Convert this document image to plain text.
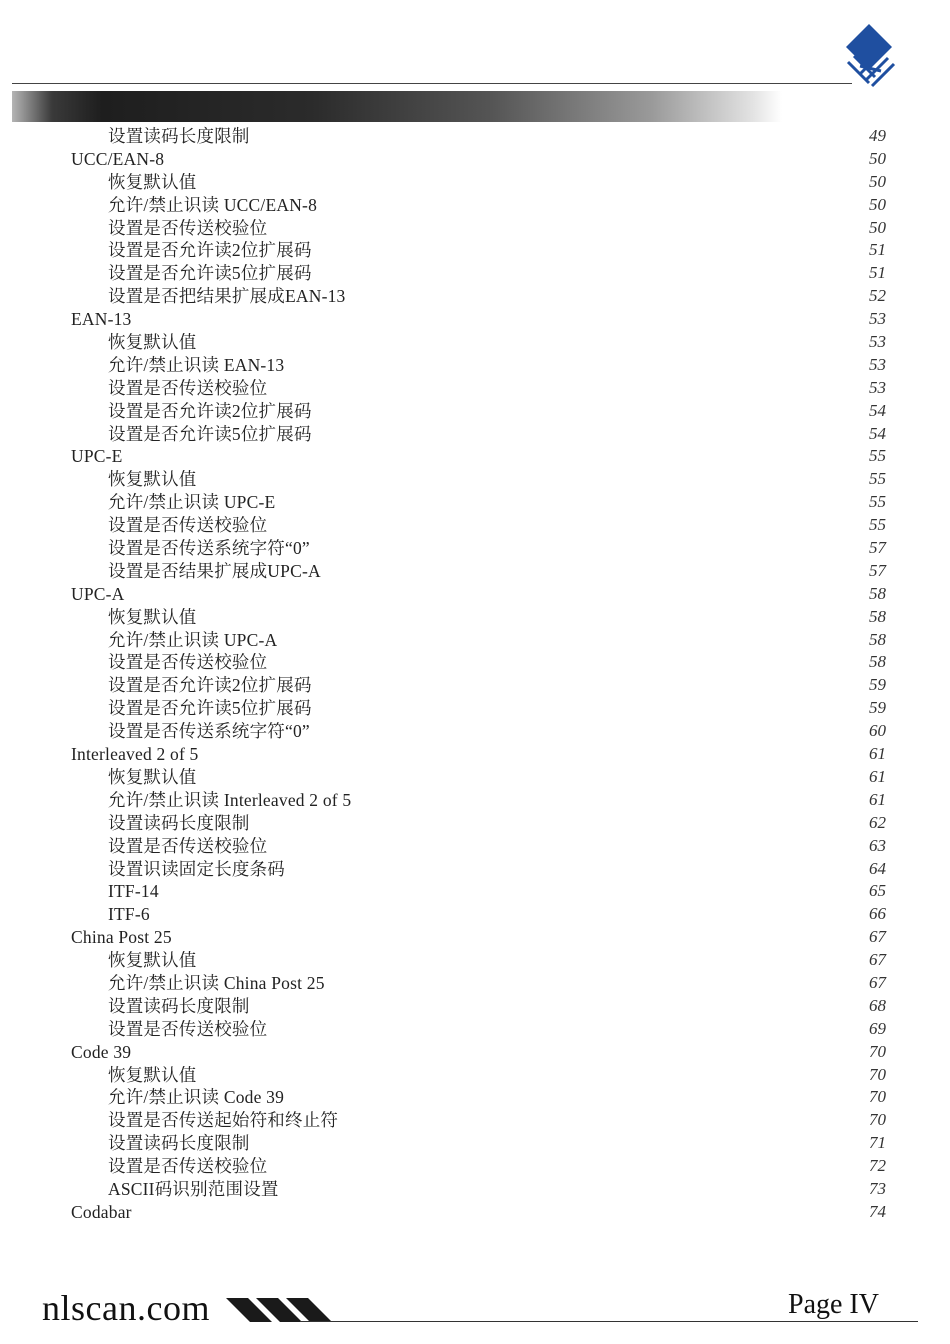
设置读码长度限制	49
UCC/EAN-8	50
恢复默认值	50
允许/禁止识读 UCC/EAN-8	50
设置是否传送校验位	50
设置是否允许读2位扩展码	51
设置是否允许读5位扩展码	51
设置是否把结果扩展成EAN-13	52
EAN-13	53
恢复默认值	53
允许/禁止识读 EAN-13	53
设置是否传送校验位	53
设置是否允许读2位扩展码	54
设置是否允许读5位扩展码	54
UPC-E	55
恢复默认值	55
允许/禁止识读 UPC-E	55
设置是否传送校验位	55
设置是否传送系统字符“0”	57
设置是否结果扩展成UPC-A	57
UPC-A	58
恢复默认值	58
允许/禁止识读 UPC-A	58
设置是否传送校验位	58
设置是否允许读2位扩展码	59
设置是否允许读5位扩展码	59
设置是否传送系统字符“0”	60
Interleaved 2 of 5	61
恢复默认值	61
允许/禁止识读 Interleaved 2 of 5	61
设置读码长度限制	62
设置是否传送校验位	63
设置识读固定长度条码	64
ITF-14	65
ITF-6	66
China Post 25	67
恢复默认值	67
允许/禁止识读 China Post 25	67
设置读码长度限制	68
设置是否传送校验位	69
Code 39	70
恢复默认值	70
允许/禁止识读 Code 39	70
设置是否传送起始符和终止符	70
设置读码长度限制	71
设置是否传送校验位	72
ASCII码识别范围设置	73
Codabar	74
nlscan.com	Page IV
